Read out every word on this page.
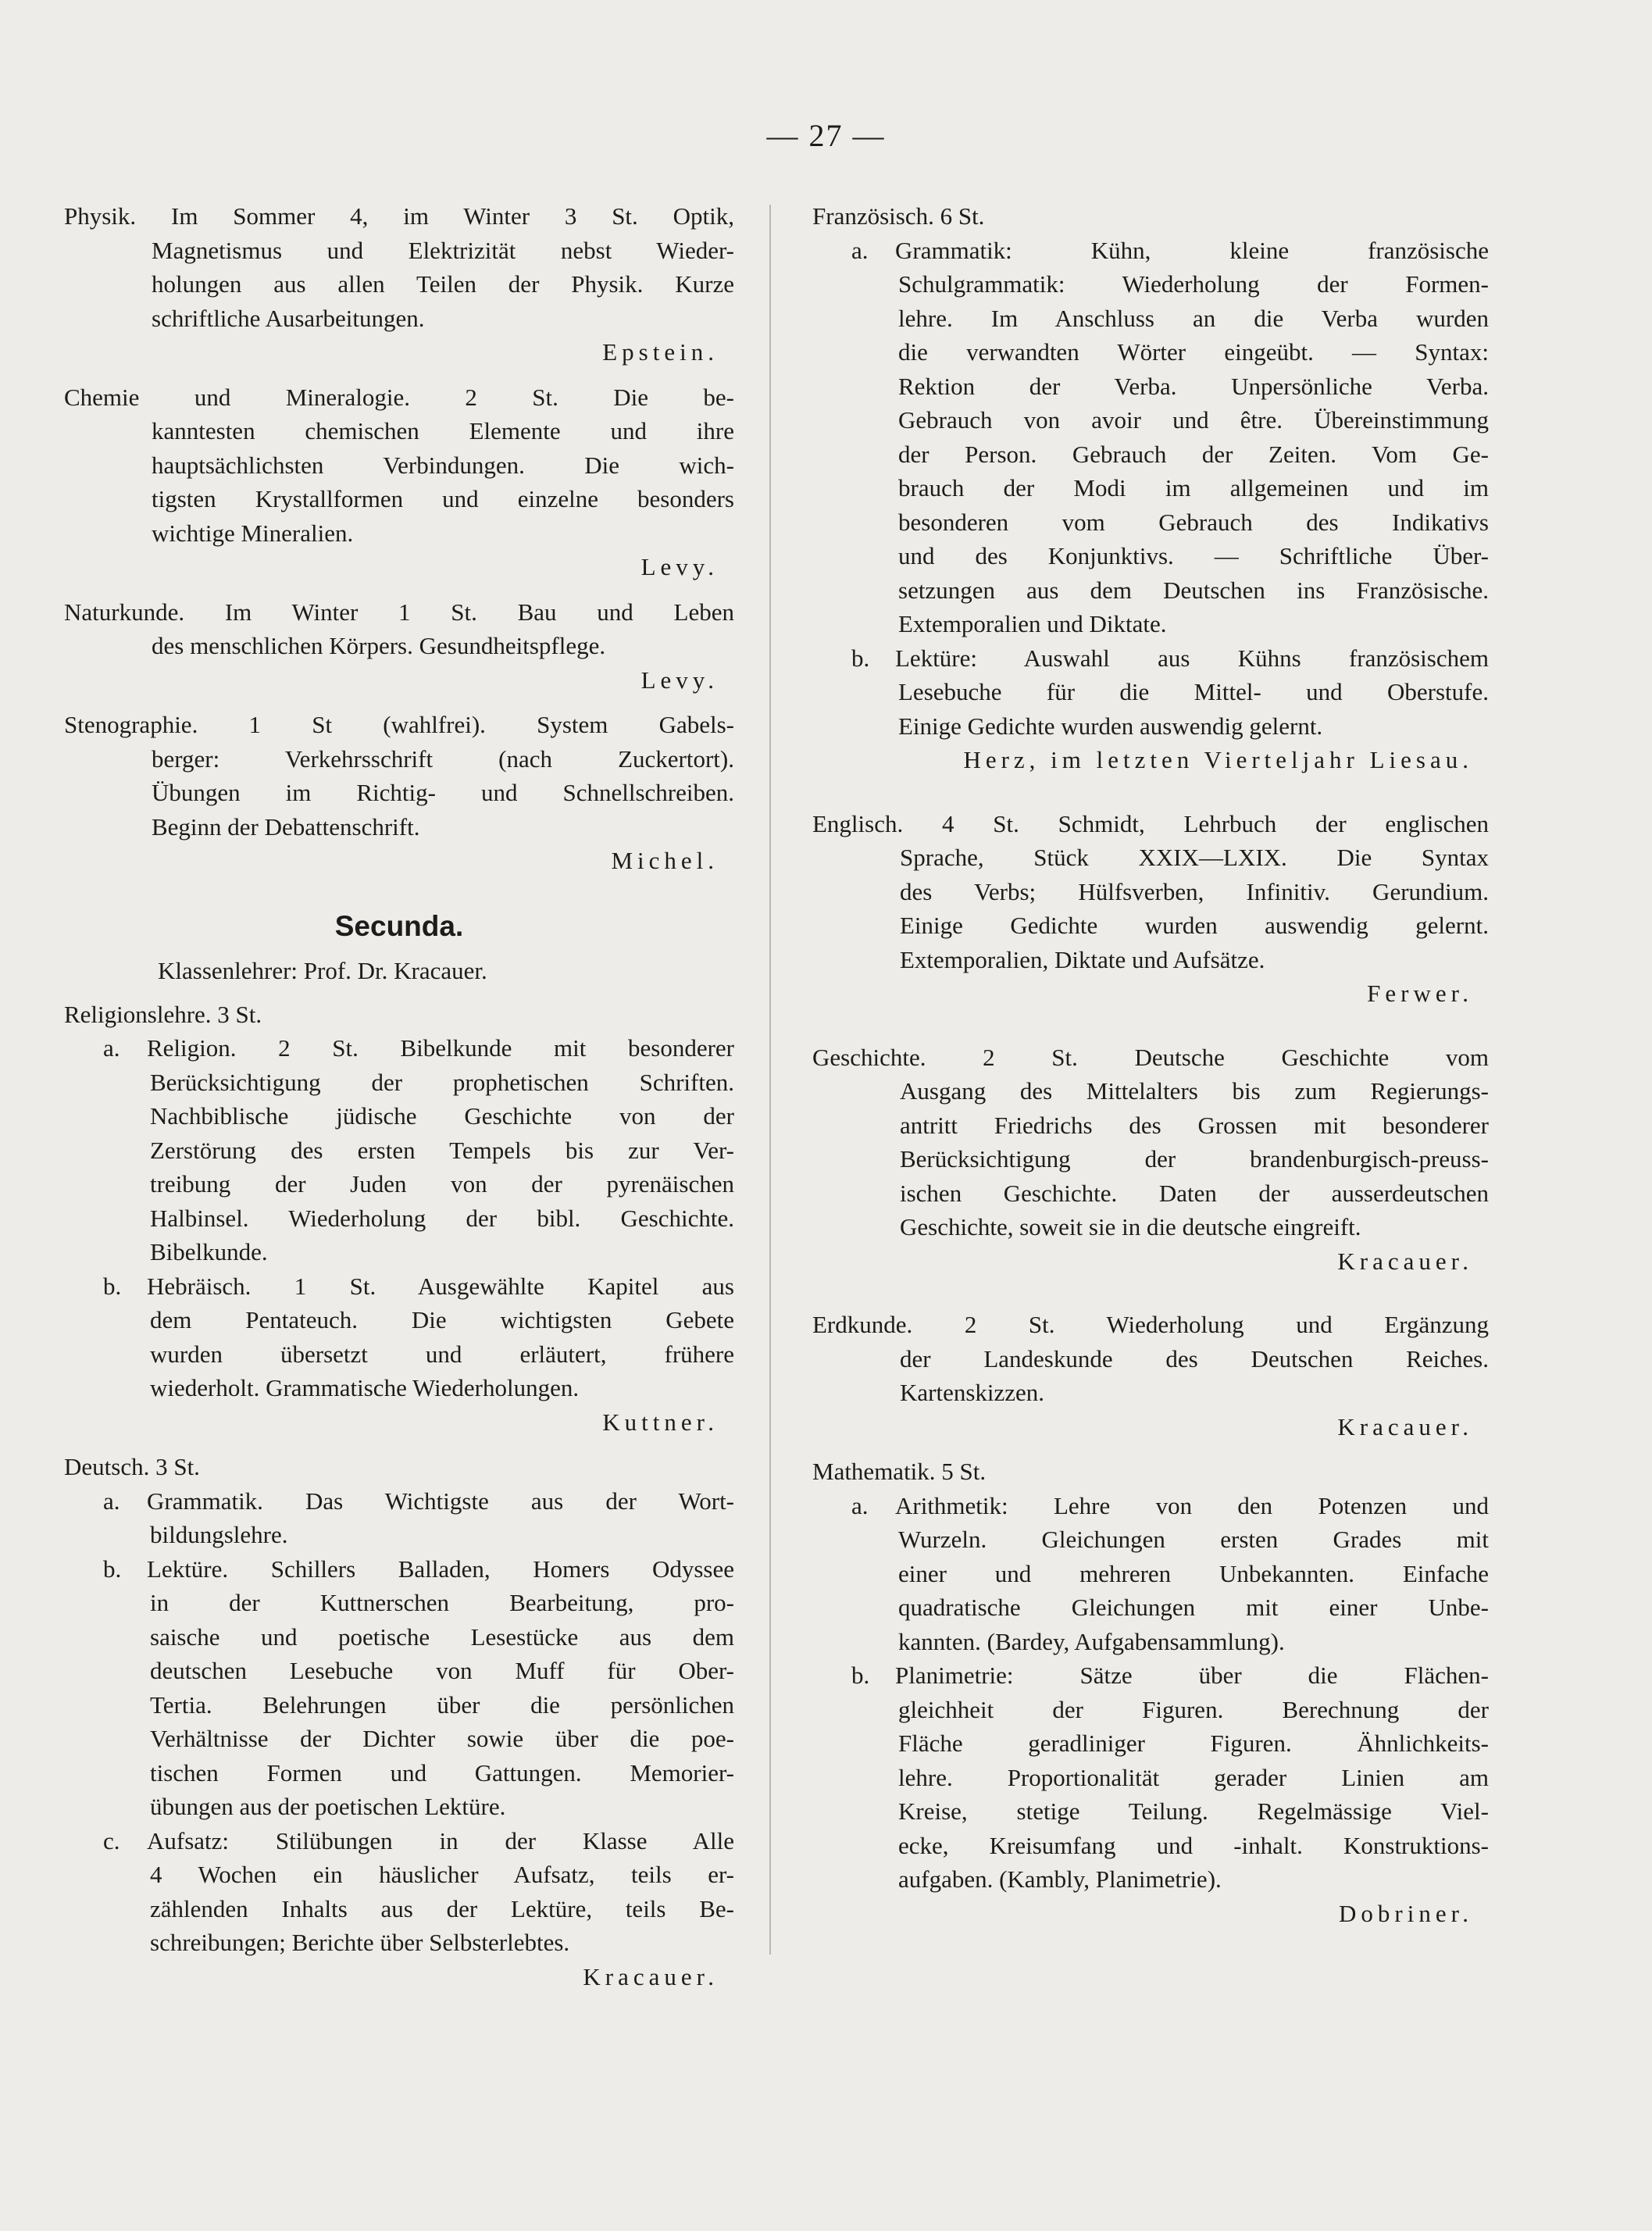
— 27 —
Physik. Im Sommer 4, im Winter 3 St. Optik,
Magnetismus und Elektrizität nebst Wieder-
holungen aus allen Teilen der Physik. Kurze
schriftliche Ausarbeitungen.
Epstein.
Chemie und Mineralogie. 2 St. Die be-
kanntesten chemischen Elemente und ihre
hauptsächlichsten Verbindungen. Die wich-
tigsten Krystallformen und einzelne besonders
wichtige Mineralien.
Levy.
Naturkunde. Im Winter 1 St. Bau und Leben
des menschlichen Körpers. Gesundheitspflege.
Levy.
Stenographie. 1 St (wahlfrei). System Gabels-
berger: Verkehrsschrift (nach Zuckertort).
Übungen im Richtig- und Schnellschreiben.
Beginn der Debattenschrift.
Michel.
Secunda.
Klassenlehrer: Prof. Dr. Kracauer.
Religionslehre. 3 St.
a. Religion. 2 St. Bibelkunde mit besonderer
Berücksichtigung der prophetischen Schriften.
Nachbiblische jüdische Geschichte von der
Zerstörung des ersten Tempels bis zur Ver-
treibung der Juden von der pyrenäischen
Halbinsel. Wiederholung der bibl. Geschichte.
Bibelkunde.
b. Hebräisch. 1 St. Ausgewählte Kapitel aus
dem Pentateuch. Die wichtigsten Gebete
wurden übersetzt und erläutert, frühere
wiederholt. Grammatische Wiederholungen.
Kuttner.
Deutsch. 3 St.
a. Grammatik. Das Wichtigste aus der Wort-
bildungslehre.
b. Lektüre. Schillers Balladen, Homers Odyssee
in der Kuttnerschen Bearbeitung, pro-
saische und poetische Lesestücke aus dem
deutschen Lesebuche von Muff für Ober-
Tertia. Belehrungen über die persönlichen
Verhältnisse der Dichter sowie über die poe-
tischen Formen und Gattungen. Memorier-
übungen aus der poetischen Lektüre.
c. Aufsatz: Stilübungen in der Klasse Alle
4 Wochen ein häuslicher Aufsatz, teils er-
zählenden Inhalts aus der Lektüre, teils Be-
schreibungen; Berichte über Selbsterlebtes.
Kracauer.
Französisch. 6 St.
a. Grammatik: Kühn, kleine französische
Schulgrammatik: Wiederholung der Formen-
lehre. Im Anschluss an die Verba wurden
die verwandten Wörter eingeübt. — Syntax:
Rektion der Verba. Unpersönliche Verba.
Gebrauch von avoir und être. Übereinstimmung
der Person. Gebrauch der Zeiten. Vom Ge-
brauch der Modi im allgemeinen und im
besonderen vom Gebrauch des Indikativs
und des Konjunktivs. — Schriftliche Über-
setzungen aus dem Deutschen ins Französische.
Extemporalien und Diktate.
b. Lektüre: Auswahl aus Kühns französischem
Lesebuche für die Mittel- und Oberstufe.
Einige Gedichte wurden auswendig gelernt.
Herz, im letzten Vierteljahr Liesau.
Englisch. 4 St. Schmidt, Lehrbuch der englischen
Sprache, Stück XXIX—LXIX. Die Syntax
des Verbs; Hülfsverben, Infinitiv. Gerundium.
Einige Gedichte wurden auswendig gelernt.
Extemporalien, Diktate und Aufsätze.
Ferwer.
Geschichte. 2 St. Deutsche Geschichte vom
Ausgang des Mittelalters bis zum Regierungs-
antritt Friedrichs des Grossen mit besonderer
Berücksichtigung der brandenburgisch-preuss-
ischen Geschichte. Daten der ausserdeutschen
Geschichte, soweit sie in die deutsche eingreift.
Kracauer.
Erdkunde. 2 St. Wiederholung und Ergänzung
der Landeskunde des Deutschen Reiches.
Kartenskizzen.
Kracauer.
Mathematik. 5 St.
a. Arithmetik: Lehre von den Potenzen und
Wurzeln. Gleichungen ersten Grades mit
einer und mehreren Unbekannten. Einfache
quadratische Gleichungen mit einer Unbe-
kannten. (Bardey, Aufgabensammlung).
b. Planimetrie: Sätze über die Flächen-
gleichheit der Figuren. Berechnung der
Fläche geradliniger Figuren. Ähnlichkeits-
lehre. Proportionalität gerader Linien am
Kreise, stetige Teilung. Regelmässige Viel-
ecke, Kreisumfang und -inhalt. Konstruktions-
aufgaben. (Kambly, Planimetrie).
Dobriner.
